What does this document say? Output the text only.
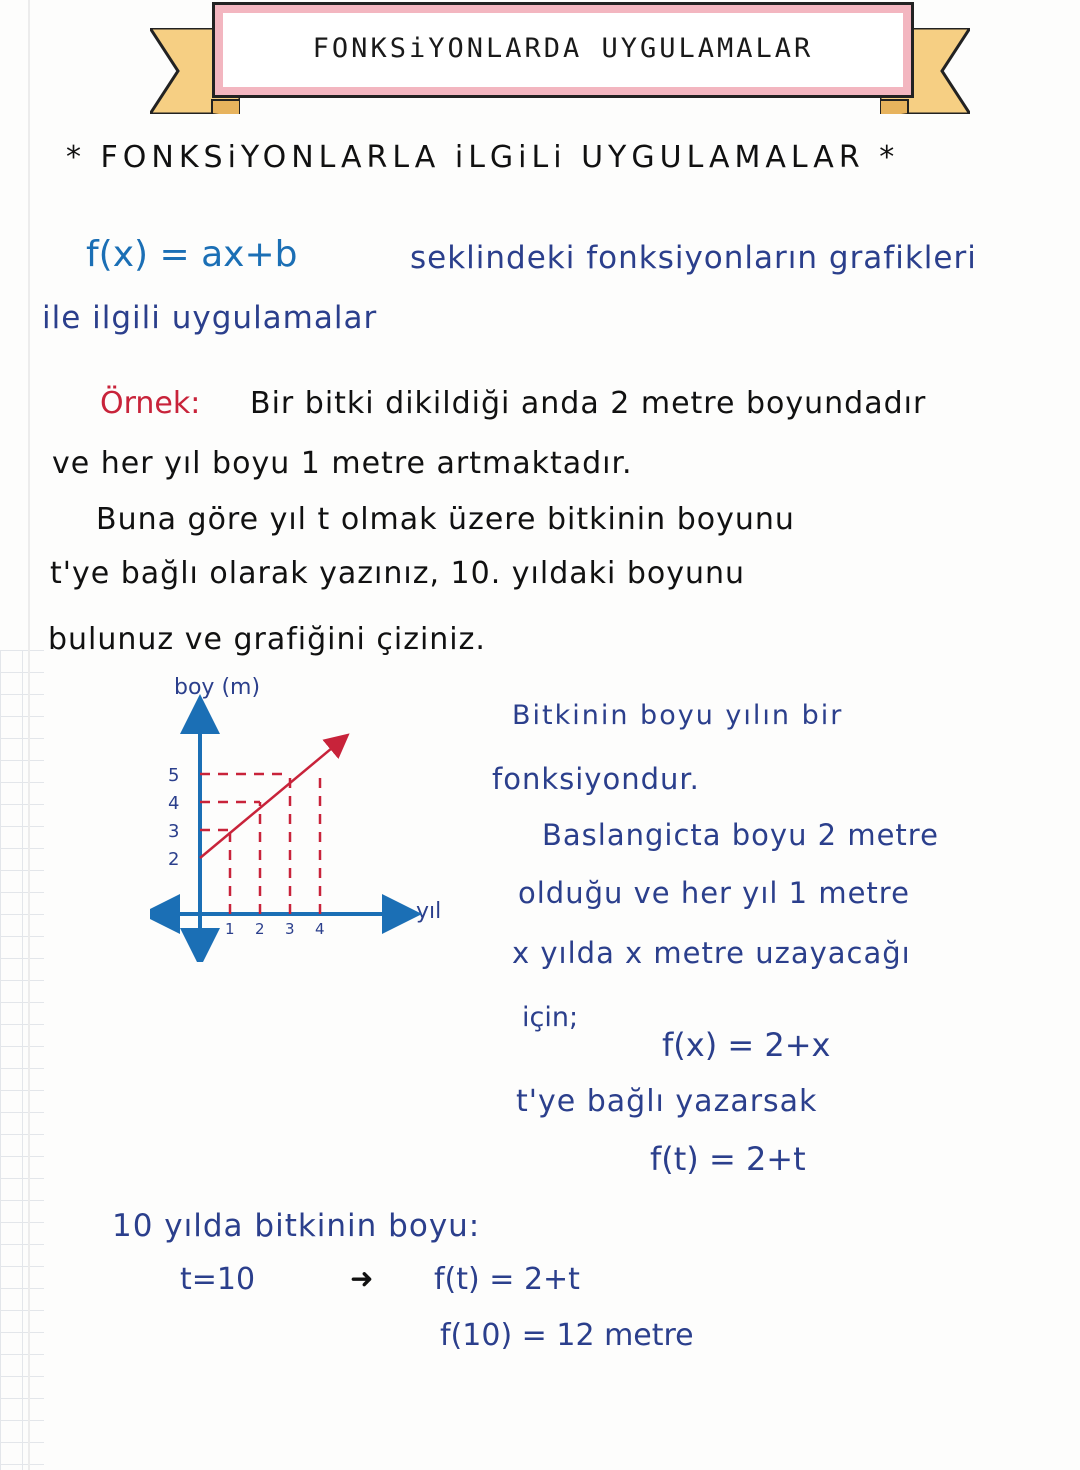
FONKSiYONLARDA UYGULAMALAR
* FONKSiYONLARLA iLGiLi UYGULAMALAR *
f(x) = ax+b	seklindeki fonksiyonların grafikleri
ile ilgili uygulamalar
Örnek: Bir bitki dikildiği anda 2 metre boyundadır
ve her yıl boyu 1 metre artmaktadır.
Buna göre yıl t olmak üzere bitkinin boyunu
t'ye bağlı olarak yazınız, 10. yıldaki boyunu
bulunuz ve grafiğini çiziniz.
boy (m)
yıl
2
3
4
5
1 2 3 4
Bitkinin boyu yılın bir
fonksiyondur.
Baslangicta boyu 2 metre
olduğu ve her yıl 1 metre
x yılda x metre uzayacağı
için;
f(x) = 2+x
t'ye bağlı yazarsak
f(t) = 2+t
10 yılda bitkinin boyu:
t=10	➜ f(t) = 2+t
f(10) = 12 metre
